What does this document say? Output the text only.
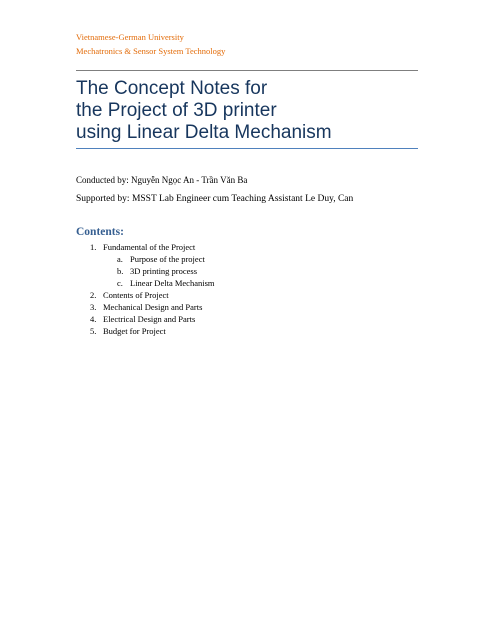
Vietnamese-German University
Mechatronics & Sensor System Technology
The Concept Notes for
the Project of 3D printer
using Linear Delta Mechanism
Conducted by: Nguyễn Ngọc An - Trần Văn Ba
Supported by: MSST Lab Engineer cum Teaching Assistant Le Duy, Can
Contents:
1. Fundamental of the Project
a. Purpose of the project
b. 3D printing process
c. Linear Delta Mechanism
2. Contents of Project
3. Mechanical Design and Parts
4. Electrical Design and Parts
5. Budget for Project
